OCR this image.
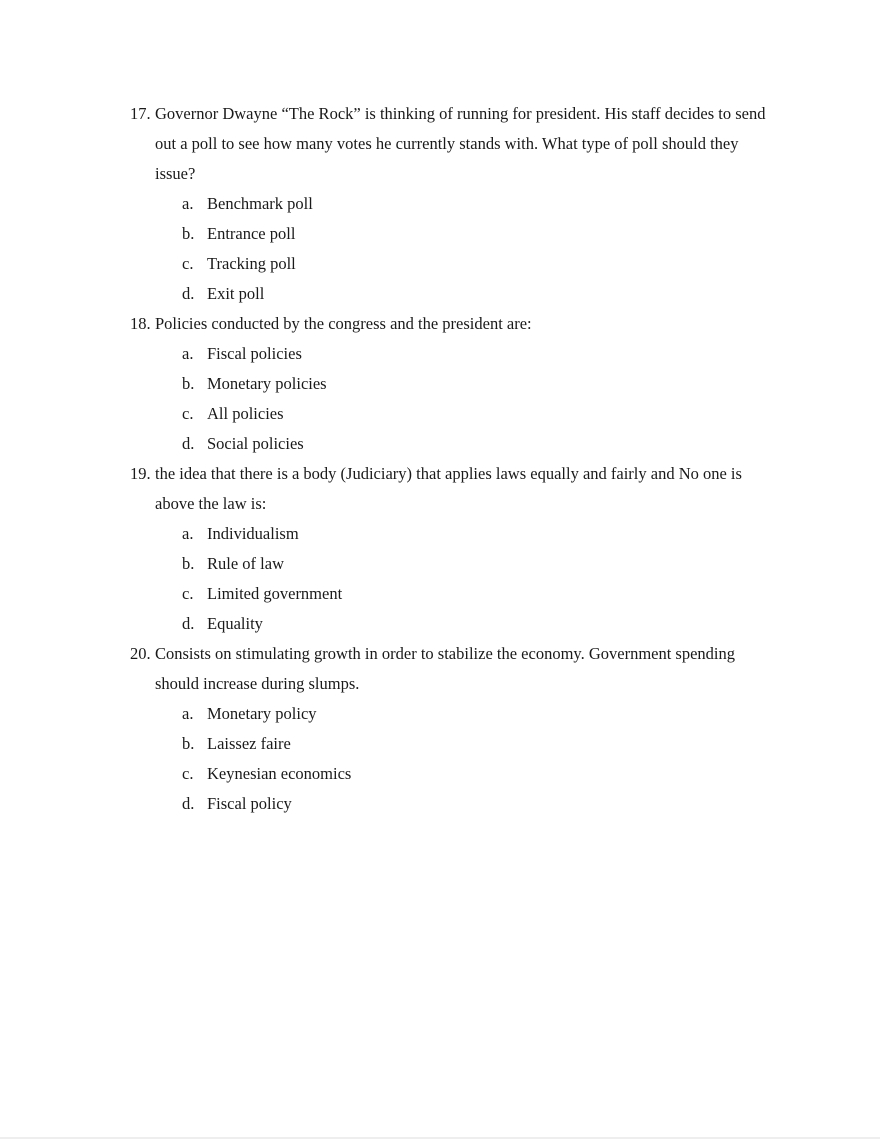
17. Governor Dwayne “The Rock” is thinking of running for president. His staff decides to send out a poll to see how many votes he currently stands with. What type of poll should they issue?
a. Benchmark poll
b. Entrance poll
c. Tracking poll
d. Exit poll
18. Policies conducted by the congress and the president are:
a. Fiscal policies
b. Monetary policies
c. All policies
d. Social policies
19. the idea that there is a body (Judiciary) that applies laws equally and fairly and No one is above the law is:
a. Individualism
b. Rule of law
c. Limited government
d. Equality
20. Consists on stimulating growth in order to stabilize the economy. Government spending should increase during slumps.
a. Monetary policy
b. Laissez faire
c. Keynesian economics
d. Fiscal policy
